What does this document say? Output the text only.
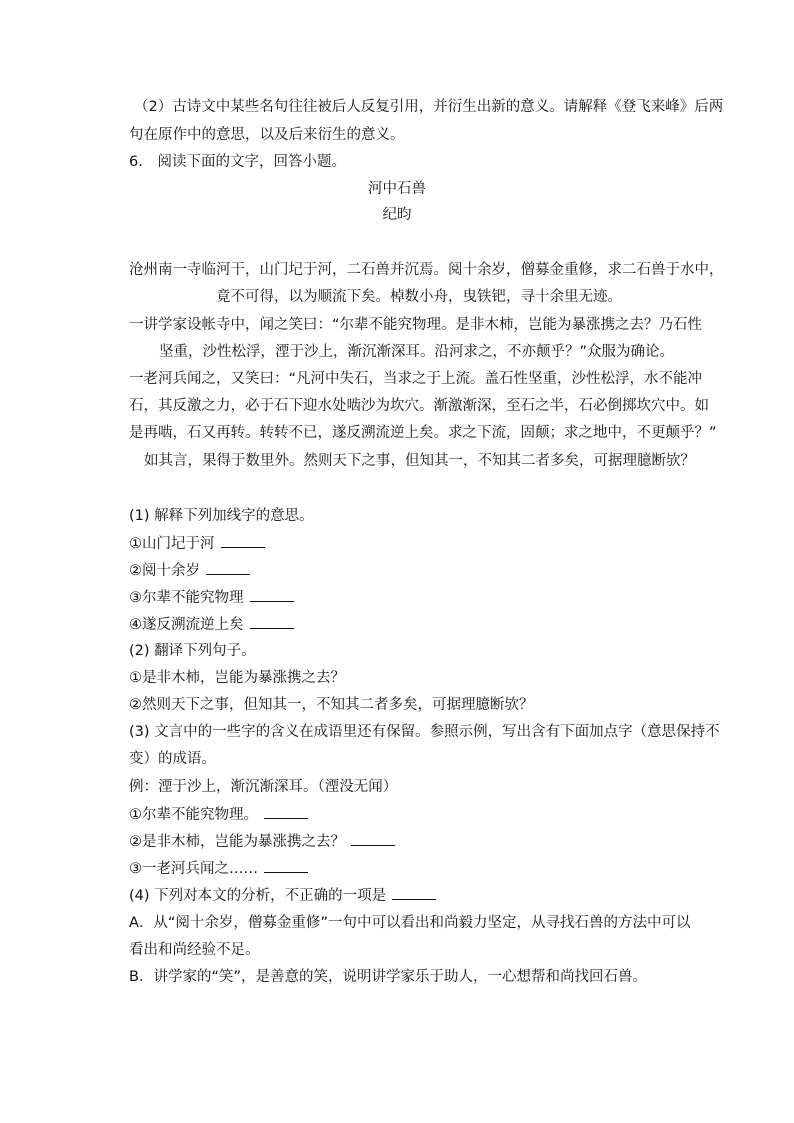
（2）古诗文中某些名句往往被后人反复引用，并衍生出新的意义。请解释《登飞来峰》后两
句在原作中的意思，以及后来衍生的意义。
6. 阅读下面的文字，回答小题。
河中石兽
纪昀
沧州南一寺临河干，山门圮于河，二石兽并沉焉。阅十余岁，僧募金重修，求二石兽于水中，
竟不可得，以为顺流下矣。棹数小舟，曳铁钯，寻十余里无迹。
一讲学家设帐寺中，闻之笑曰：“尔辈不能究物理。是非木柿，岂能为暴涨携之去？乃石性
坚重，沙性松浮，湮于沙上，渐沉渐深耳。沿河求之，不亦颠乎？”众服为确论。
一老河兵闻之，又笑曰：“凡河中失石，当求之于上流。盖石性坚重，沙性松浮，水不能冲
石，其反激之力，必于石下迎水处啮沙为坎穴。渐激渐深，至石之半，石必倒掷坎穴中。如
是再啮，石又再转。转转不已，遂反溯流逆上矣。求之下流，固颠；求之地中，不更颠乎？”
如其言，果得于数里外。然则天下之事，但知其一，不知其二者多矣，可据理臆断欤？
(1) 解释下列加线字的意思。
①山门圮于河
②阅十余岁
③尔辈不能究物理
④遂反溯流逆上矣
(2) 翻译下列句子。
①是非木柿，岂能为暴涨携之去？
②然则天下之事，但知其一，不知其二者多矣，可据理臆断欤？
(3) 文言中的一些字的含义在成语里还有保留。参照示例，写出含有下面加点字（意思保持不
变）的成语。
例：湮于沙上，渐沉渐深耳。（湮没无闻）
①尔辈不能究物理。
②是非木柿，岂能为暴涨携之去？
③一老河兵闻之……
(4) 下列对本文的分析，不正确的一项是
A．从“阅十余岁，僧募金重修”一句中可以看出和尚毅力坚定，从寻找石兽的方法中可以
看出和尚经验不足。
B．讲学家的“笑”，是善意的笑，说明讲学家乐于助人，一心想帮和尚找回石兽。
